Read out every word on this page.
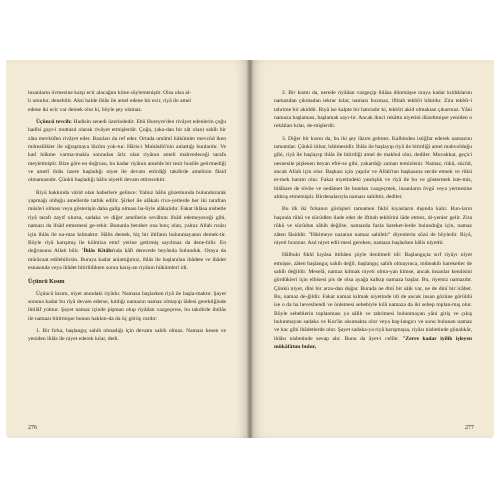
insanların övmesine karşı ecir alacağını kime söylemeniştir. Olsa olsa al-

lı umulur, denebilir. Aksi halde ihlâs ile amel edene bir ecir, riyâ ile amel

edene iki ecir var demek olur ki, böyle şey olamaz.

Üçüncü tevcih: Hadisin senedi üzerindedir. Ebû Hureyre'den rivâyet edenlerin çoğu hadîsi gayr-i muttasıl olarak rivâyet etmişlerdir. Çoğu, (aka-dan bir zât olan) sahîh bir zâta mevkûfen rivâyet eder. Bazıları da ref eder. Ortada umûmî hükümler mevcûd iken müteallikler ile uğraşmaya lüzûm yok-tur. Hâris-i Muhâsibî'nin anlattığı bunlardır. Ve katî hükme varma-makla sonradan âriz olan riyânın ameli mahvedeceği tarafa meyletmiştir. Bize göre en doğrusu, bu kadar riyânın amelde bir tesir husûle getirmediği ve amelî ihlâs üzere başladığı niyet ile devam ettirdiği takdirde amelinin fâsid olmamasıdır. Çünkü başladığı hâlis niyetli devam ettirecektir.

Riyâ hakkında vârid olan haberlere gelince: Yalnız hâlis gözetinında bulundurarak yapmağı olduğu amellerde tatbik edilir. Şirket ile alâkalı riva-yetlerde her iki taraftan müsâvî olması veya gösterişin daha galip olması ha-liyle alâkalıdır. Fakat ihlâsa nisbetle riyâ tarafı zayıf olursa, sadaka ve diğer amellerin sevâbını ifsâd edemeyeceği gibi, namazı da ifsâd etmemesi ge-rekir. Bununla beraber ona borç olan, yalnız Allah rızâsı için ihlâs ile na-maz kılmaktır. Hâlis demek, hiç bir iltifatın bulunmayanın demek-tir. Böyle riyâ karışmış ile külmiza emrî yerine getirmiş sayılmaz da dene-bilir. En doğrusunu Allah bilir. 'İhlâs Kitâbı'nda kâfi derecede beyânda bulunduk. Oraya da mürâcaat edilebilirsin. Buraya kadar anlattığımız, ihlâs ile başlanılan ibâdete ve ibâdet esnasında veya ibâdet bitirildikten sonra karış-an riyânın hükümleri idi.

Üçüncü Kısım

Üçüncü kısım, niyet anındaki riyâdır. Namaza başlarken riyâ ile başla-maktır. Şayet sonuna kadar bu riyâ devam ederse, kıldığı namazın namaz olmayıp iâdesi gerektiğinde ihtilâf yoktur. Şayet namaz içinde pişman olup riyâdan vazgeçerse, bu takdirde ihtilâs ile namazı bitirmişse bunun hakkın-da da üç görüş vardır:

1. Bir fırka, başlangıç sahih olmadığı için devamı sahih olmaz. Namazı kesen ve yeniden ihlâs ile niyet ederek kılar, dedi.

276

2. Bir kısmı da, nerede riyâdan vazgeçip ihlâsa dönmüşse oraya kadar kıldıklarını namazdan çıkmadan tekrar kılar, namazı bozmaz, iftitah tekbîri bâtıldır. Zira tekbîr-i tahrime bir akiddir. Riyâ ise kalpte bir hatıradır ki, tekbîri akid olmaktan çıkarmaz. Yâni namaza başlaması, başlamak sayı-lır. Ancak iknci rekâtta niyetini düzeltmişse yeniden o rekâtları kılar, de-mişlerdir.

3. Diğer bir kısmı da, bu iki şey lâzım gelmez. Kalbinden istiğfar ederek namazını tamamlar. Çünkü itibar, hâtimesidir. İhlâs ile başlayıp riyâ ile bitirdiği amel mahvolduğu gibi, riyâ ile başlayıp ihlâs ile bitirdiği amel de makbul olur, dediler. Muvakkat, geçici nesnesile pişlenen beyan efré-se gibi, yakardığı zaman temizlenir. Namaz, rükû, sücûd, ancak Allah için olur. Başkası için yapılır ve Allah'tan başkasına secde etmek ve rükû et-mek haram olur. Fakat niyetindeki yanlışlık ve riyâ ile bu ve göstermek iste-mis, bilâhare de tövbe ve nedâmet ile bundan vazgeçmek, insanların övgü veya yermesine aldırış etmemiştir. Birdenalarıyla namazı sahihtir, dediler.

Bu ilk iki fırkanın görüşleri tamamen fıkhî kıyasların dışında kalır. Bun-ların başında rükû ve sücûdlen ilade eder de iftitah tekbîrini iâde etmez, di-yenler gelir. Zira rükû ve sücûdun sâhih değilse, namazda fazla hareket-lerde bulunduğu için, namaz zâten fâsiddir. "Hâtimeye nazaran namaz sahihtir" diyenlerin sözü de böyledir. Riyâ, niyeti bozmur. Asıl niyet edil-mesi gereken, namaza başlarken hâlis niyettir.

Hâlbuki fıkhî kıyâsa ittibâen şöyle denilmeli idi: Başlangıçta sırf riyâyı niyet etmişse, zâten başlangıç sahih değil, başlangıç sahih olmayınca, müteakib hareketler de sahîh değildir. Meselâ, namaz kılmak niyeti olma-yan kimse, ancak insanlar kendisini gördükleri için elbisesi pis de olsa ayağa kalkıp namaza başlar. Bu, riyetsiz namazdır. Çünkü niyet, dîni bir arzu-dan doğar. Burada ne dinî bir sâik var, ne de dinî bir icâbet. Bu, namaz de-ğildir. Fakat namaz kılmak niyetinde idi de ancak insan gözüne görüldü ise o da ha hevesliendi ve önlemesi sebebiyle kılâ namaza da iki sebep toplan-mış olur. Böyle sebeblerin toplanması ya sâlih ve tahrimesi bulunmayan yâni giriş ve çıkış bulunmayan sadaka ve Kur'ân okumakta olur veya baş-langıcı ve sonu bulunan namaz ve hac gibi ibâdetlerde olur. Şayet sadaka-ya riyâ karışmışsa, riyâsı nisbetinde günahkâr, ihlâsı nisbetinde sevap alır. Bunu da âyet-i celîle: "Zerre kadar iyilik işleyen mükâfâtını bulur,

277
